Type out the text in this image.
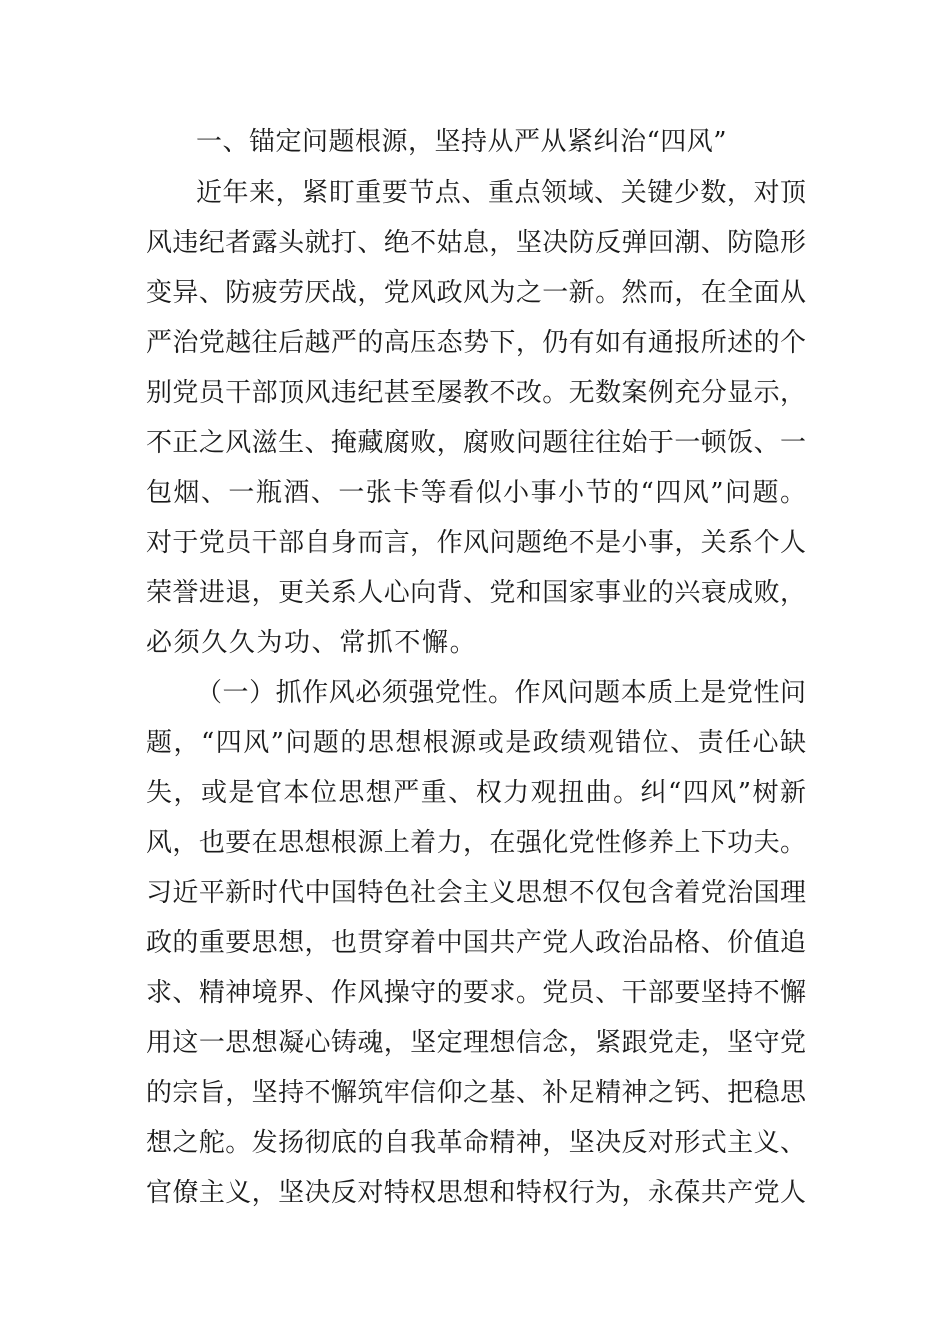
一、锚定问题根源，坚持从严从紧纠治“四风”
近年来，紧盯重要节点、重点领域、关键少数，对顶
风违纪者露头就打、绝不姑息，坚决防反弹回潮、防隐形
变异、防疲劳厌战，党风政风为之一新。然而，在全面从
严治党越往后越严的高压态势下，仍有如有通报所述的个
别党员干部顶风违纪甚至屡教不改。无数案例充分显示，
不正之风滋生、掩藏腐败，腐败问题往往始于一顿饭、一
包烟、一瓶酒、一张卡等看似小事小节的“四风”问题。
对于党员干部自身而言，作风问题绝不是小事，关系个人
荣誉进退，更关系人心向背、党和国家事业的兴衰成败，
必须久久为功、常抓不懈。
（一）抓作风必须强党性。作风问题本质上是党性问
题，“四风”问题的思想根源或是政绩观错位、责任心缺
失，或是官本位思想严重、权力观扭曲。纠“四风”树新
风，也要在思想根源上着力，在强化党性修养上下功夫。
习近平新时代中国特色社会主义思想不仅包含着党治国理
政的重要思想，也贯穿着中国共产党人政治品格、价值追
求、精神境界、作风操守的要求。党员、干部要坚持不懈
用这一思想凝心铸魂，坚定理想信念，紧跟党走，坚守党
的宗旨，坚持不懈筑牢信仰之基、补足精神之钙、把稳思
想之舵。发扬彻底的自我革命精神，坚决反对形式主义、
官僚主义，坚决反对特权思想和特权行为，永葆共产党人
